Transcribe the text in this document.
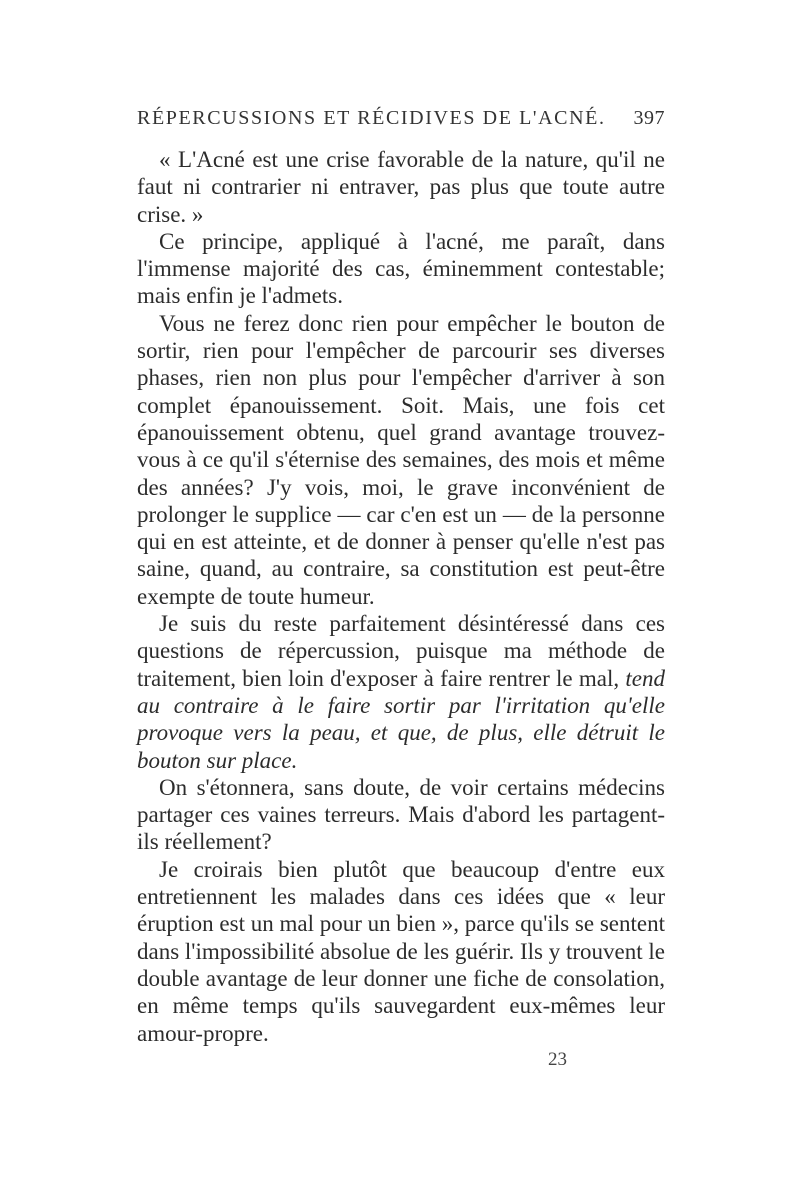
RÉPERCUSSIONS ET RÉCIDIVES DE L'ACNÉ. 397

« L'Acné est une crise favorable de la nature, qu'il ne faut ni contrarier ni entraver, pas plus que toute autre crise. »

Ce principe, appliqué à l'acné, me paraît, dans l'immense majorité des cas, éminemment contestable; mais enfin je l'admets.

Vous ne ferez donc rien pour empêcher le bouton de sortir, rien pour l'empêcher de parcourir ses diverses phases, rien non plus pour l'empêcher d'arriver à son complet épanouissement. Soit. Mais, une fois cet épanouissement obtenu, quel grand avantage trouvez-vous à ce qu'il s'éternise des semaines, des mois et même des années? J'y vois, moi, le grave inconvénient de prolonger le supplice — car c'en est un — de la personne qui en est atteinte, et de donner à penser qu'elle n'est pas saine, quand, au contraire, sa constitution est peut-être exempte de toute humeur.

Je suis du reste parfaitement désintéressé dans ces questions de répercussion, puisque ma méthode de traitement, bien loin d'exposer à faire rentrer le mal, tend au contraire à le faire sortir par l'irritation qu'elle provoque vers la peau, et que, de plus, elle détruit le bouton sur place.

On s'étonnera, sans doute, de voir certains médecins partager ces vaines terreurs. Mais d'abord les partagent-ils réellement?

Je croirais bien plutôt que beaucoup d'entre eux entretiennent les malades dans ces idées que « leur éruption est un mal pour un bien », parce qu'ils se sentent dans l'impossibilité absolue de les guérir. Ils y trouvent le double avantage de leur donner une fiche de consolation, en même temps qu'ils sauvegardent eux-mêmes leur amour-propre.

23
